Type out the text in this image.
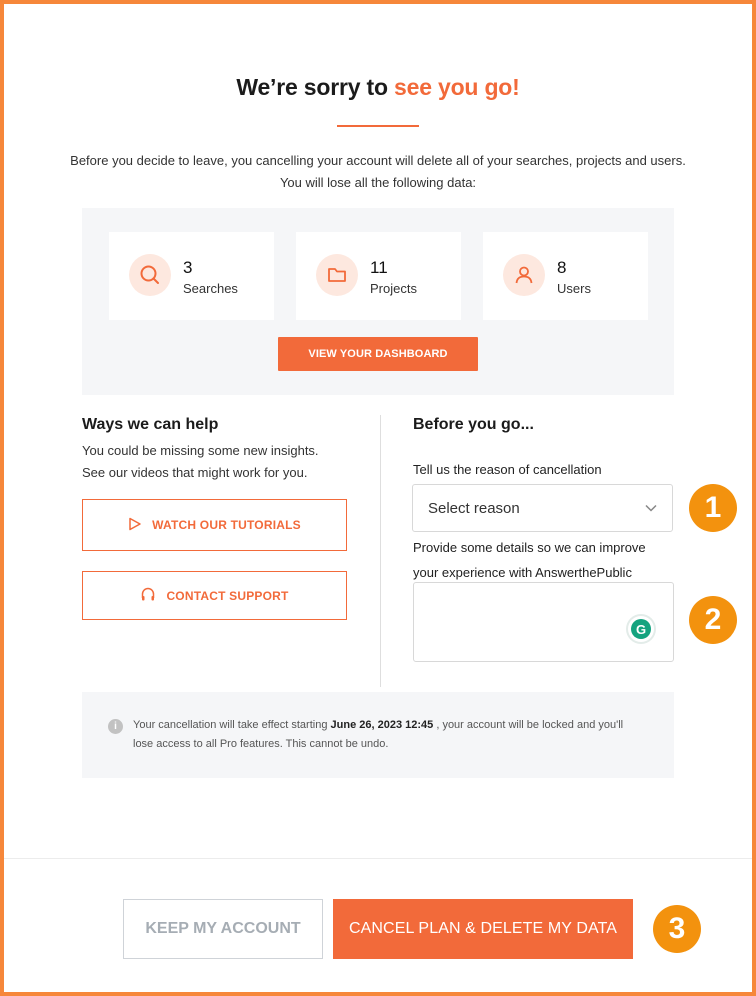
We’re sorry to see you go!

Before you decide to leave, you cancelling your account will delete all of your searches, projects and users. You will lose all the following data:

3
Searches
11
Projects
8
Users
VIEW YOUR DASHBOARD
Ways we can help
You could be missing some new insights.
See our videos that might work for you.
WATCH OUR TUTORIALS
CONTACT SUPPORT
Before you go...
Tell us the reason of cancellation
Select reason
Provide some details so we can improve
your experience with AnswerthePublic
G
1
2
3
i	Your cancellation will take effect starting June 26, 2023 12:45 , your account will be locked and you'll lose access to all Pro features. This cannot be undo.

KEEP MY ACCOUNT	CANCEL PLAN & DELETE MY DATA
